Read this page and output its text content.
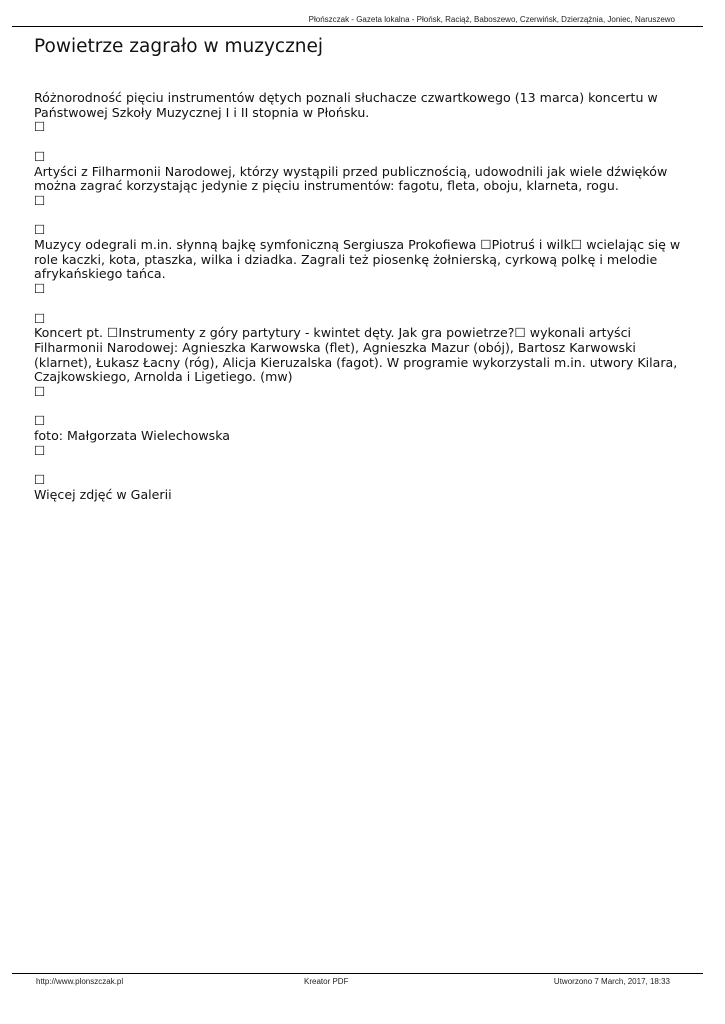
Płońszczak - Gazeta lokalna - Płońsk, Raciąż, Baboszewo, Czerwińsk, Dzierzążnia, Joniec, Naruszewo
Powietrze zagrało w muzycznej

Różnorodność pięciu instrumentów dętych poznali słuchacze czwartkowego (13 marca) koncertu w Państwowej Szkoły Muzycznej I i II stopnia w Płońsku.

☐
☐

Artyści z Filharmonii Narodowej, którzy wystąpili przed publicznością, udowodnili jak wiele dźwięków można zagrać korzystając jedynie z pięciu instrumentów: fagotu, fleta, oboju, klarneta, rogu.

☐
☐

Muzycy odegrali m.in. słynną bajkę symfoniczną Sergiusza Prokofiewa ☐Piotruś i wilk☐ wcielając się w role kaczki, kota, ptaszka, wilka i dziadka. Zagrali też piosenkę żołnierską, cyrkową polkę i melodie afrykańskiego tańca.

☐
☐

Koncert pt. ☐Instrumenty z góry partytury - kwintet dęty. Jak gra powietrze?☐ wykonali artyści Filharmonii Narodowej: Agnieszka Karwowska (flet), Agnieszka Mazur (obój), Bartosz Karwowski (klarnet), Łukasz Łacny (róg), Alicja Kieruzalska (fagot). W programie wykorzystali m.in. utwory Kilara, Czajkowskiego, Arnolda i Ligetiego. (mw)

☐
☐

foto: Małgorzata Wielechowska

☐
☐

Więcej zdjęć w Galerii

http://www.plonszczak.pl	Kreator PDF	Utworzono 7 March, 2017, 18:33
